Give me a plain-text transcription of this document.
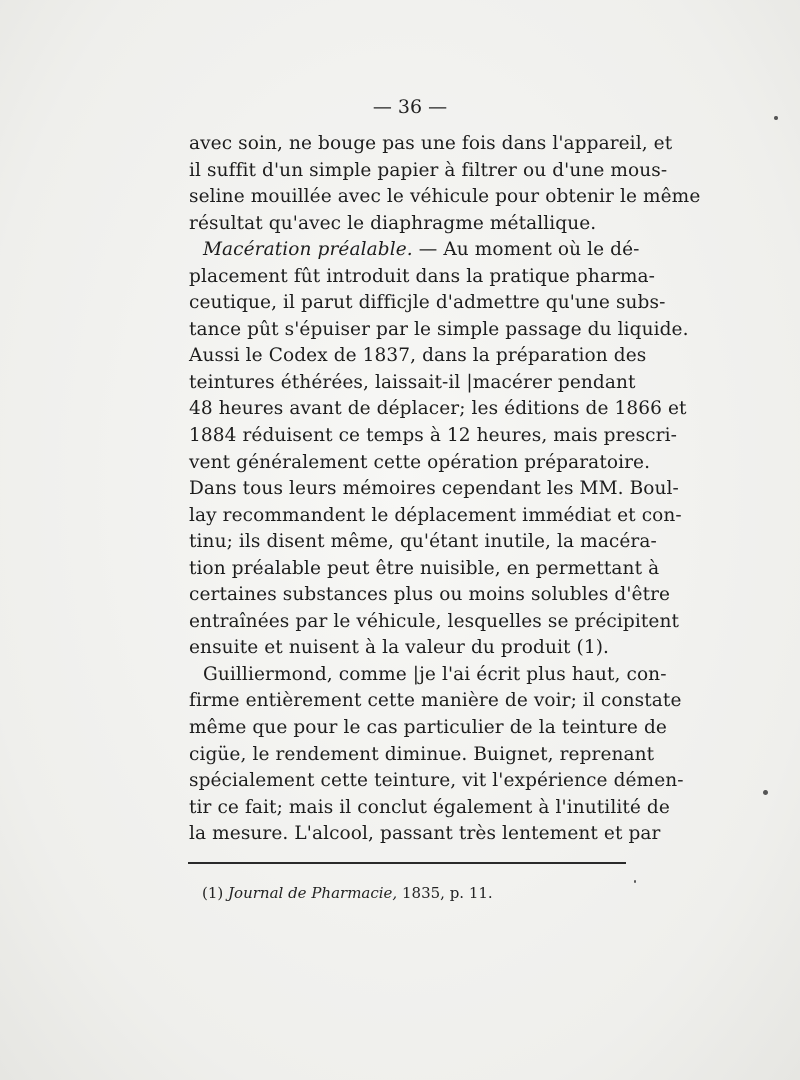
— 36 —
avec soin, ne bouge pas une fois dans l'appareil, et
il suffit d'un simple papier à filtrer ou d'une mous-
seline mouillée avec le véhicule pour obtenir le même
résultat qu'avec le diaphragme métallique.
Macération préalable. — Au moment où le dé-
placement fût introduit dans la pratique pharma-
ceutique, il parut difficjle d'admettre qu'une subs-
tance pût s'épuiser par le simple passage du liquide.
Aussi le Codex de 1837, dans la préparation des
teintures éthérées, laissait-il |macérer pendant
48 heures avant de déplacer; les éditions de 1866 et
1884 réduisent ce temps à 12 heures, mais prescri-
vent généralement cette opération préparatoire.
Dans tous leurs mémoires cependant les MM. Boul-
lay recommandent le déplacement immédiat et con-
tinu; ils disent même, qu'étant inutile, la macéra-
tion préalable peut être nuisible, en permettant à
certaines substances plus ou moins solubles d'être
entraînées par le véhicule, lesquelles se précipitent
ensuite et nuisent à la valeur du produit (1).
Guilliermond, comme |je l'ai écrit plus haut, con-
firme entièrement cette manière de voir; il constate
même que pour le cas particulier de la teinture de
cigüe, le rendement diminue. Buignet, reprenant
spécialement cette teinture, vit l'expérience démen-
tir ce fait; mais il conclut également à l'inutilité de
la mesure. L'alcool, passant très lentement et par
(1) Journal de Pharmacie, 1835, p. 11.
